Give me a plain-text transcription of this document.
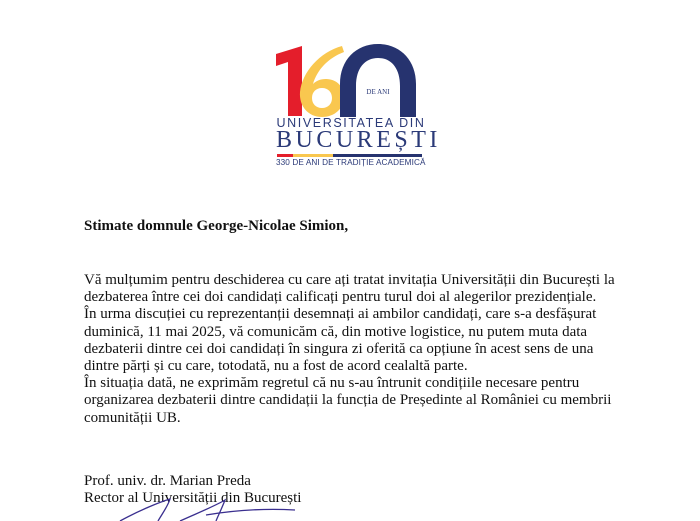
DE ANI
UNIVERSITATEA DIN
BUCUREȘTI
330 DE ANI DE TRADIȚIE ACADEMICĂ
Stimate domnule George-Nicolae Simion,
Vă mulțumim pentru deschiderea cu care ați tratat invitația Universității din București la
dezbaterea între cei doi candidați calificați pentru turul doi al alegerilor prezidențiale.
În urma discuției cu reprezentanții desemnați ai ambilor candidați, care s-a desfășurat
duminică, 11 mai 2025, vă comunicăm că, din motive logistice, nu putem muta data
dezbaterii dintre cei doi candidați în singura zi oferită ca opțiune în acest sens de una
dintre părți și cu care, totodată, nu a fost de acord cealaltă parte.
În situația dată, ne exprimăm regretul că nu s-au întrunit condițiile necesare pentru
organizarea dezbaterii dintre candidații la funcția de Președinte al României cu membrii
comunității UB.
Prof. univ. dr. Marian Preda
Rector al Universității din București
